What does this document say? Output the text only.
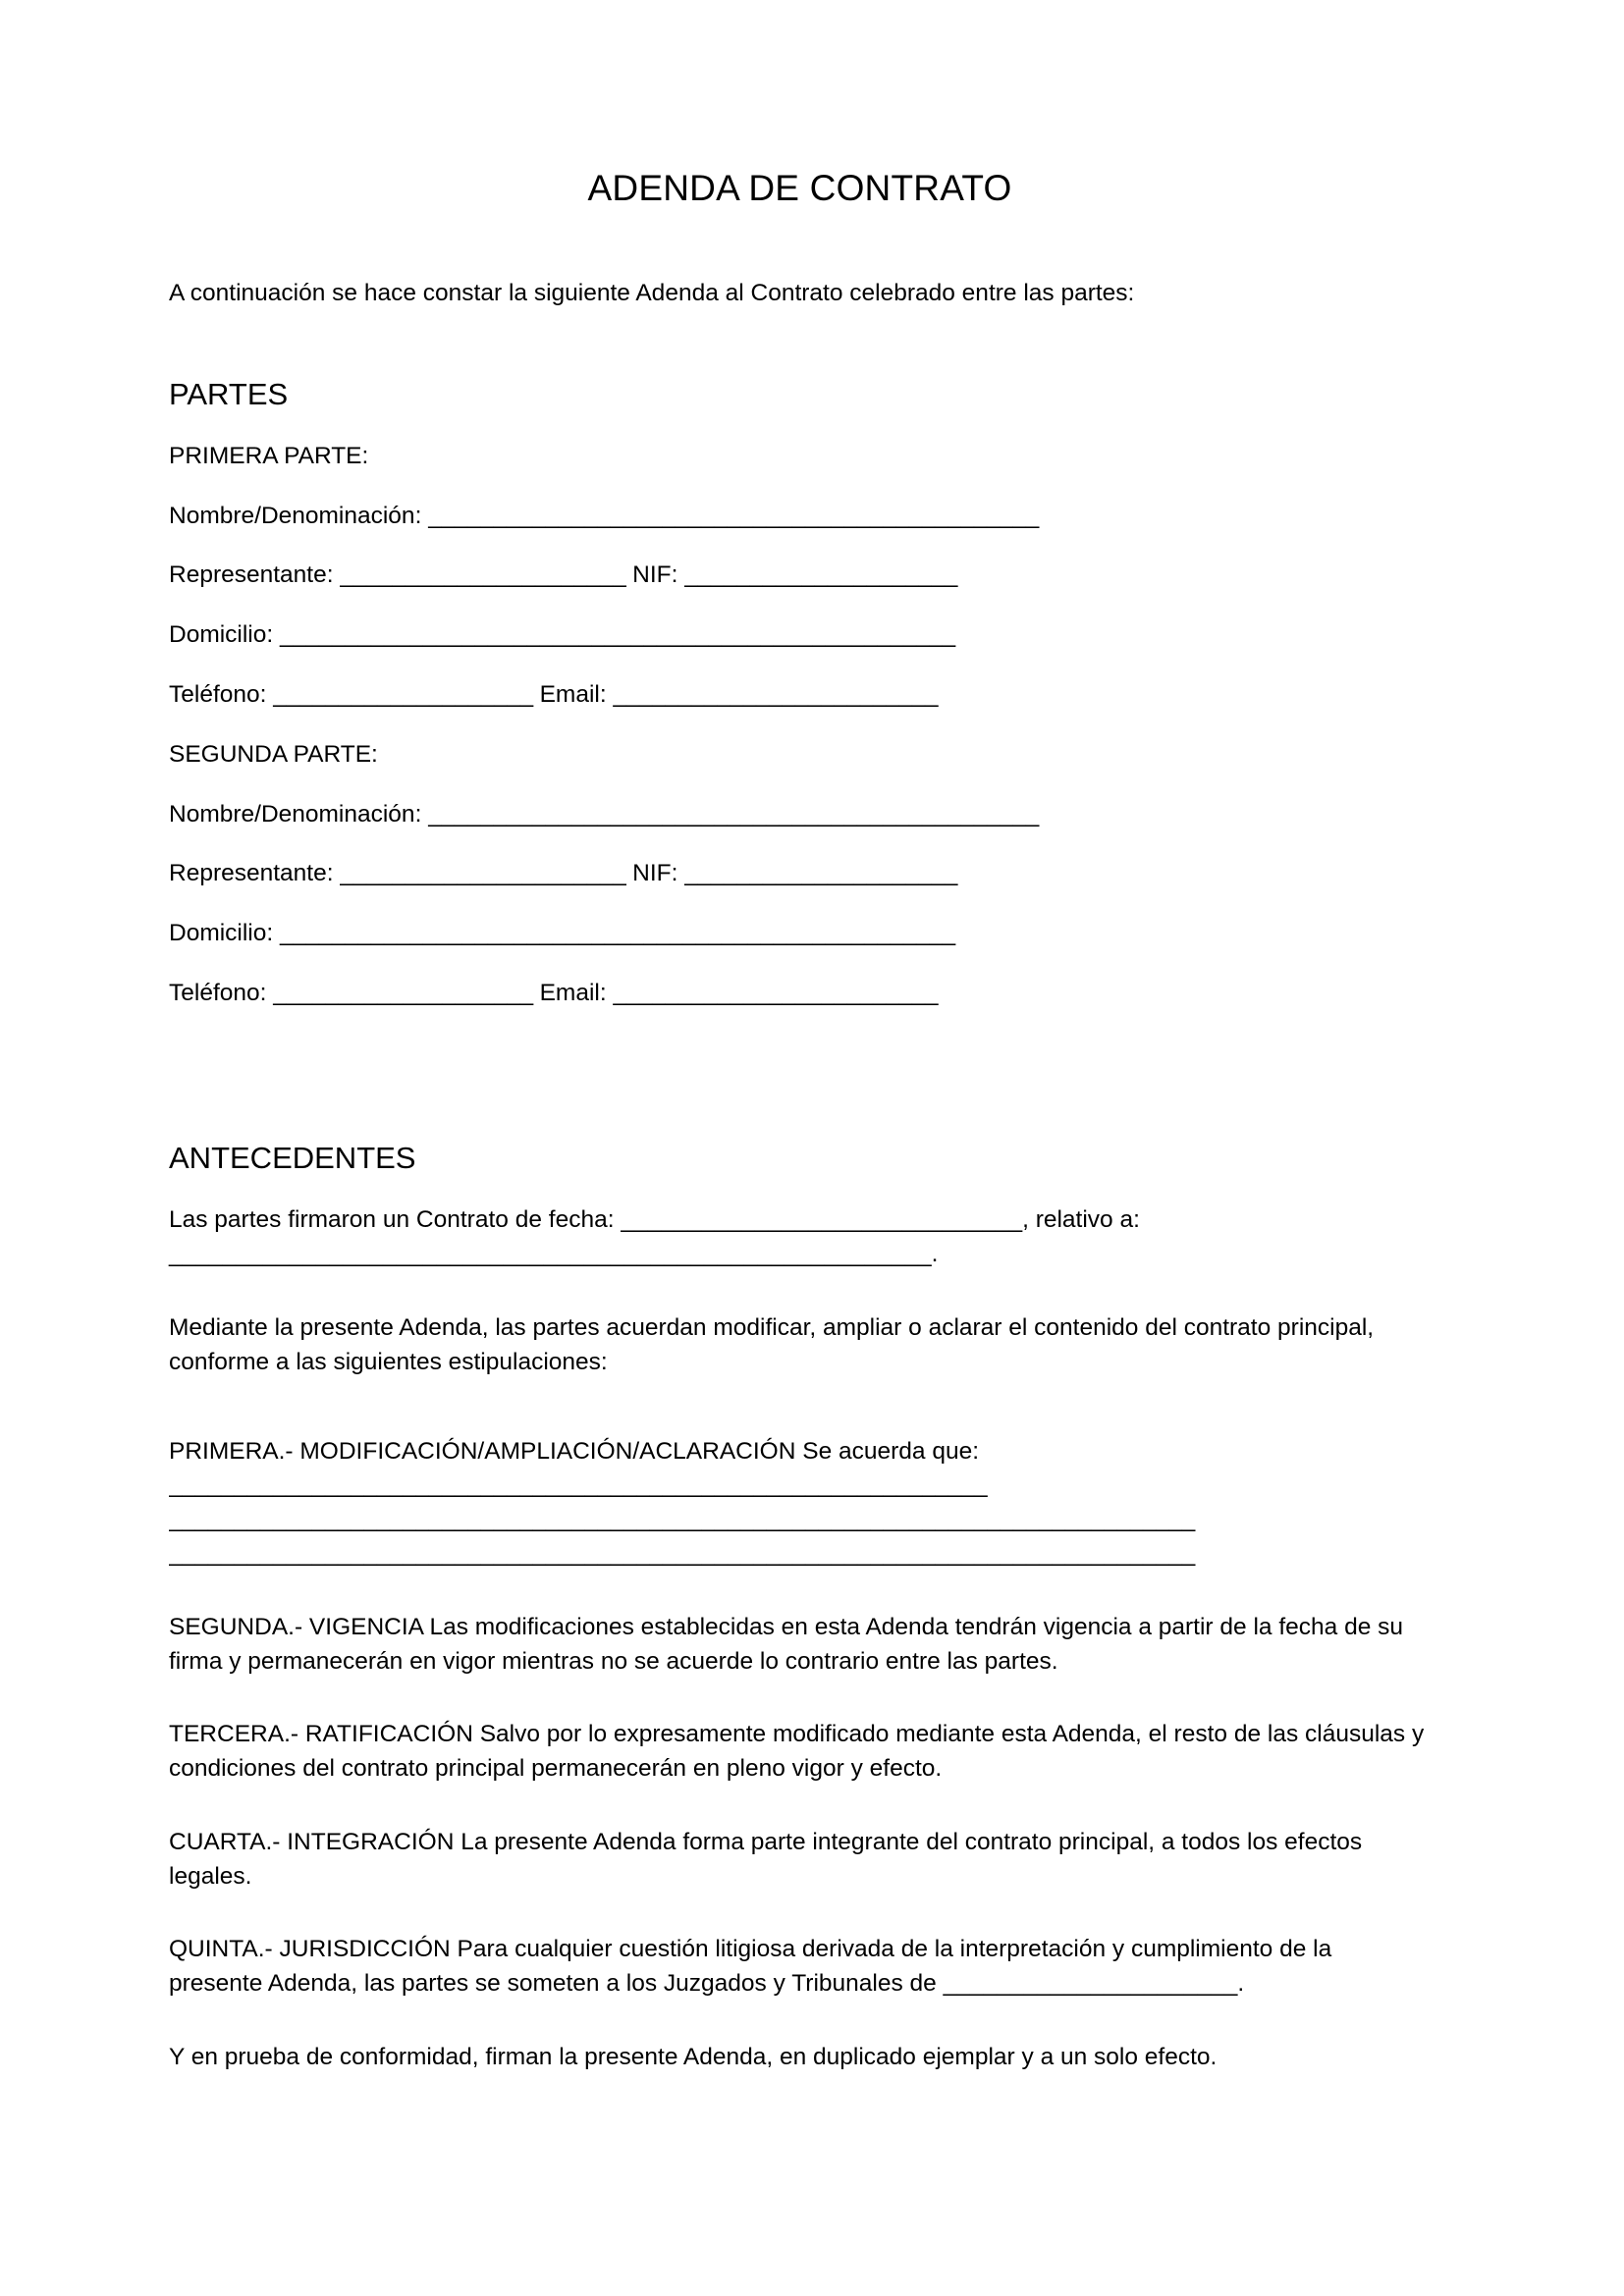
ADENDA DE CONTRATO

A continuación se hace constar la siguiente Adenda al Contrato celebrado entre las partes:

PARTES

PRIMERA PARTE:

Nombre/Denominación: _______________________________________________

Representante: ______________________ NIF: _____________________

Domicilio: ____________________________________________________

Teléfono: ____________________ Email: _________________________

SEGUNDA PARTE:

Nombre/Denominación: _______________________________________________

Representante: ______________________ NIF: _____________________

Domicilio: ____________________________________________________

Teléfono: ____________________ Email: _________________________

ANTECEDENTES

Las partes firmaron un Contrato de fecha: ______________________________, relativo a:
_________________________________________________________.

Mediante la presente Adenda, las partes acuerdan modificar, ampliar o aclarar el contenido del contrato principal, conforme a las siguientes estipulaciones:

PRIMERA.- MODIFICACIÓN/AMPLIACIÓN/ACLARACIÓN Se acuerda que:

_______________________________________________________________

_______________________________________________________________________________

_______________________________________________________________________________

SEGUNDA.- VIGENCIA Las modificaciones establecidas en esta Adenda tendrán vigencia a partir de la fecha de su firma y permanecerán en vigor mientras no se acuerde lo contrario entre las partes.

TERCERA.- RATIFICACIÓN Salvo por lo expresamente modificado mediante esta Adenda, el resto de las cláusulas y condiciones del contrato principal permanecerán en pleno vigor y efecto.

CUARTA.- INTEGRACIÓN La presente Adenda forma parte integrante del contrato principal, a todos los efectos legales.

QUINTA.- JURISDICCIÓN Para cualquier cuestión litigiosa derivada de la interpretación y cumplimiento de la presente Adenda, las partes se someten a los Juzgados y Tribunales de ______________________.

Y en prueba de conformidad, firman la presente Adenda, en duplicado ejemplar y a un solo efecto.
